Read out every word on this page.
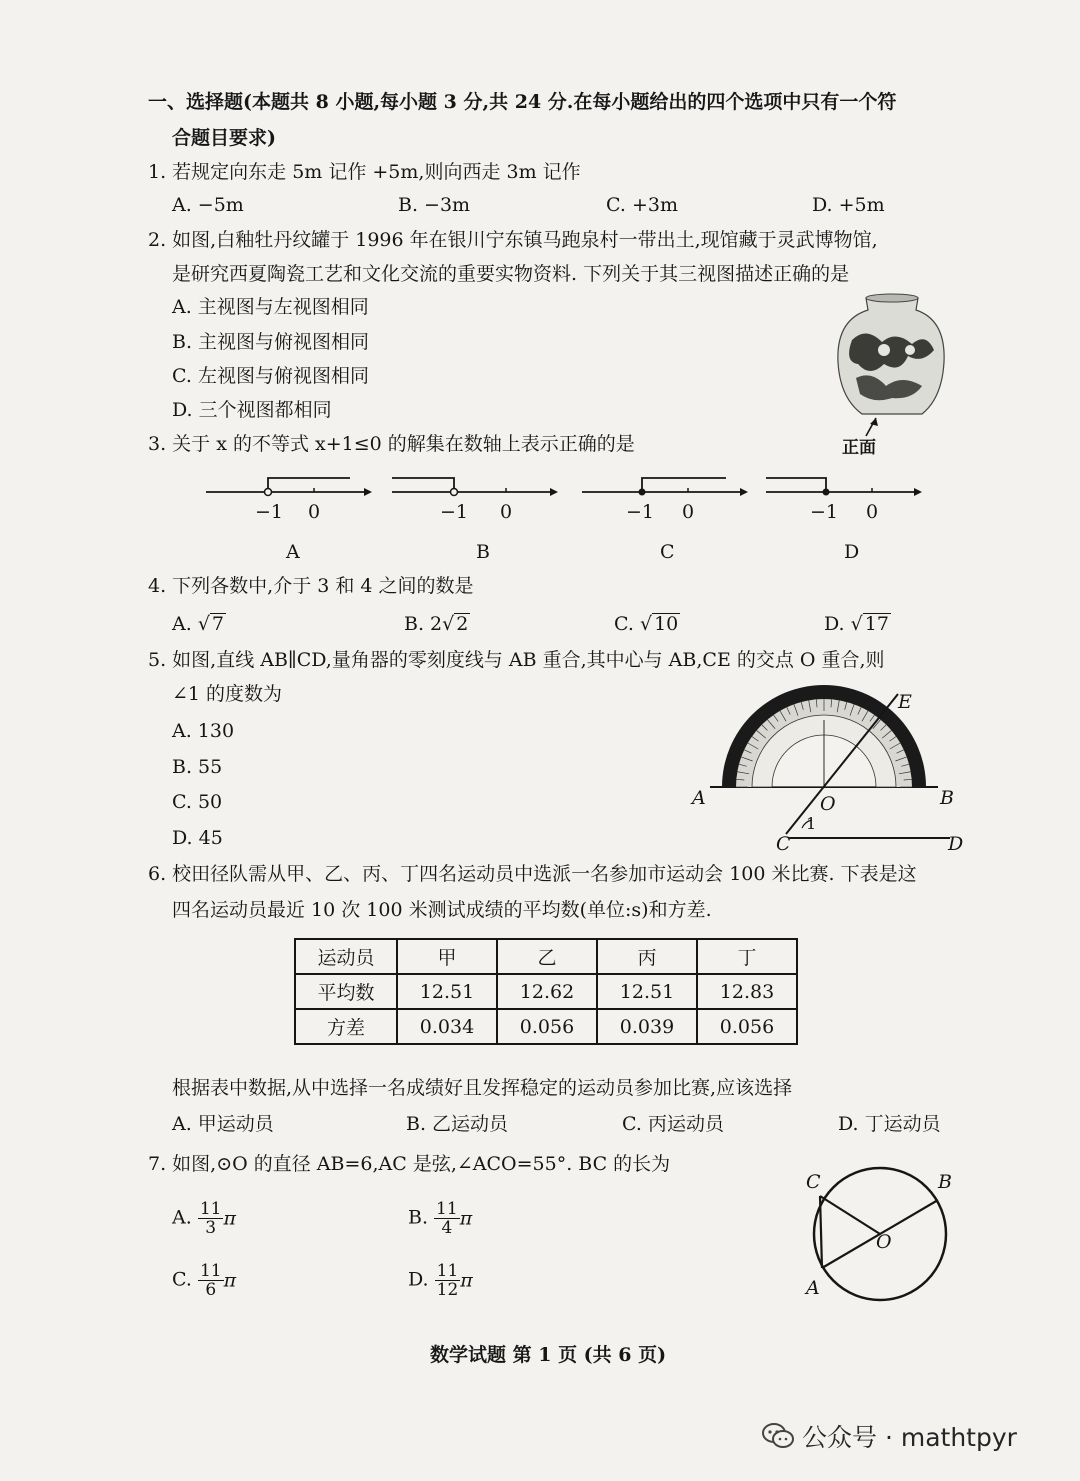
一、选择题(本题共 8 小题,每小题 3 分,共 24 分.在每小题给出的四个选项中只有一个符
合题目要求)
1. 若规定向东走 5m 记作 +5m,则向西走 3m 记作
A. −5m	B. −3m	C. +3m	D. +5m
2. 如图,白釉牡丹纹罐于 1996 年在银川宁东镇马跑泉村一带出土,现馆藏于灵武博物馆,
是研究西夏陶瓷工艺和文化交流的重要实物资料. 下列关于其三视图描述正确的是
A. 主视图与左视图相同
B. 主视图与俯视图相同
C. 左视图与俯视图相同
D. 三个视图都相同
正面
3. 关于 x 的不等式 x+1≤0 的解集在数轴上表示正确的是
−1 0
A
−1 0
B
−1 0
C
−1 0
D
4. 下列各数中,介于 3 和 4 之间的数是
A. √ 7	B. 2√ 2	C. √ 10	D. √ 17
5. 如图,直线 AB∥CD,量角器的零刻度线与 AB 重合,其中心与 AB,CE 的交点 O 重合,则
∠1 的度数为
A. 130
B. 55
C. 50
D. 45
E
A	O	B
C
1
D
6. 校田径队需从甲、乙、丙、丁四名运动员中选派一名参加市运动会 100 米比赛. 下表是这
四名运动员最近 10 次 100 米测试成绩的平均数(单位:s)和方差.
运动员	甲	乙	丙	丁
平均数	12.51	12.62	12.51	12.83
方差	0.034	0.056	0.039	0.056
根据表中数据,从中选择一名成绩好且发挥稳定的运动员参加比赛,应该选择
A. 甲运动员	B. 乙运动员	C. 丙运动员	D. 丁运动员
7. 如图,⊙O 的直径 AB=6,AC 是弦,∠ACO=55°. BC 的长为
A. $\frac{11}{3}$ π	B. $\frac{11}{4}$ π
C. $\frac{11}{6}$ π	D. $\frac{11}{12}$ π
C	B
O
A
数学试题 第 1 页 (共 6 页)
公众号 · mathtpyr
